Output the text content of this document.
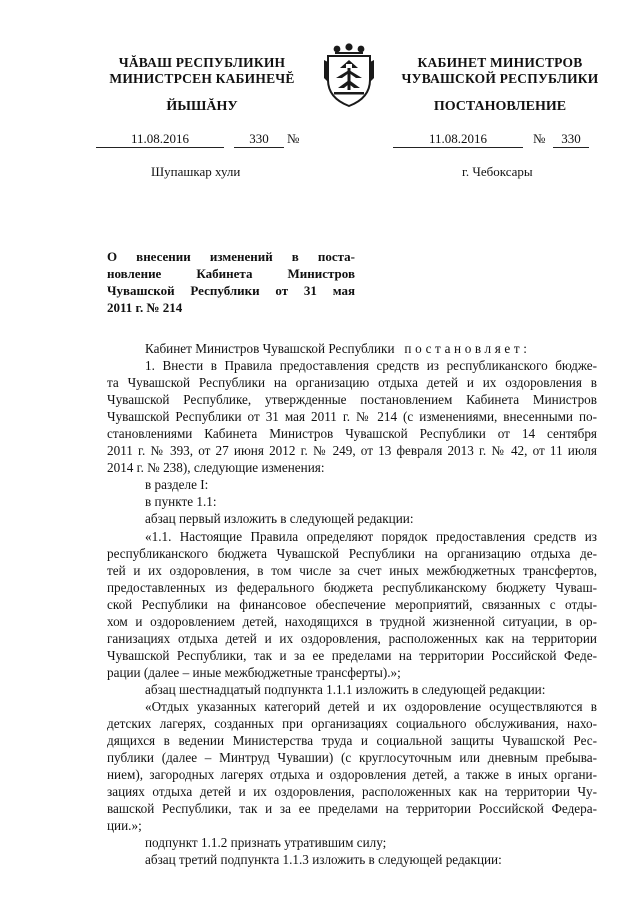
ЧĂВАШ РЕСПУБЛИКИН
МИНИСТРСЕН КАБИНЕЧĔ
ЙЫШĂНУ
КАБИНЕТ МИНИСТРОВ
ЧУВАШСКОЙ РЕСПУБЛИКИ
ПОСТАНОВЛЕНИЕ
11.08.2016	330	№	11.08.2016	№	330
Шупашкар хули	г. Чебоксары
О внесении изменений в поста-
новление Кабинета Министров
Чувашской Республики от 31 мая
2011 г. № 214
Кабинет Министров Чувашской Республики постановляет:
1. Внести в Правила предоставления средств из республиканского бюдже-
та Чувашской Республики на организацию отдыха детей и их оздоровления в
Чувашской Республике, утвержденные постановлением Кабинета Министров
Чувашской Республики от 31 мая 2011 г. № 214 (с изменениями, внесенными по-
становлениями Кабинета Министров Чувашской Республики от 14 сентября
2011 г. № 393, от 27 июня 2012 г. № 249, от 13 февраля 2013 г. № 42, от 11 июля
2014 г. № 238), следующие изменения:
в разделе I:
в пункте 1.1:
абзац первый изложить в следующей редакции:
«1.1. Настоящие Правила определяют порядок предоставления средств из
республиканского бюджета Чувашской Республики на организацию отдыха де-
тей и их оздоровления, в том числе за счет иных межбюджетных трансфертов,
предоставленных из федерального бюджета республиканскому бюджету Чуваш-
ской Республики на финансовое обеспечение мероприятий, связанных с отды-
хом и оздоровлением детей, находящихся в трудной жизненной ситуации, в ор-
ганизациях отдыха детей и их оздоровления, расположенных как на территории
Чувашской Республики, так и за ее пределами на территории Российской Феде-
рации (далее – иные межбюджетные трансферты).»;
абзац шестнадцатый подпункта 1.1.1 изложить в следующей редакции:
«Отдых указанных категорий детей и их оздоровление осуществляются в
детских лагерях, созданных при организациях социального обслуживания, нахо-
дящихся в ведении Министерства труда и социальной защиты Чувашской Рес-
публики (далее – Минтруд Чувашии) (с круглосуточным или дневным пребыва-
нием), загородных лагерях отдыха и оздоровления детей, а также в иных органи-
зациях отдыха детей и их оздоровления, расположенных как на территории Чу-
вашской Республики, так и за ее пределами на территории Российской Федера-
ции.»;
подпункт 1.1.2 признать утратившим силу;
абзац третий подпункта 1.1.3 изложить в следующей редакции:
